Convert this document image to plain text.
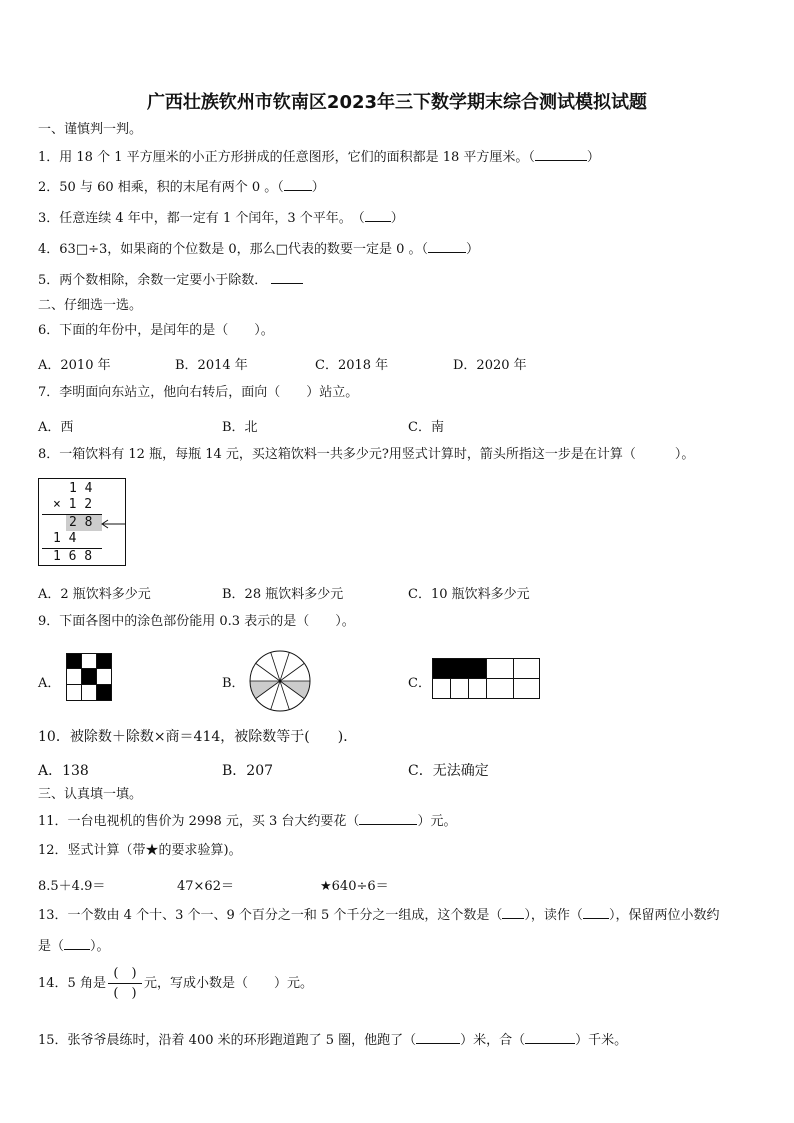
广西壮族钦州市钦南区2023年三下数学期末综合测试模拟试题
一、谨慎判一判。
1．用 18 个 1 平方厘米的小正方形拼成的任意图形，它们的面积都是 18 平方厘米。（	）
2．50 与 60 相乘，积的末尾有两个 0 。（ ）
3．任意连续 4 年中，都一定有 1 个闰年，3 个平年。　（ ）
4．63□÷3，如果商的个位数是 0，那么□代表的数要一定是 0 。（	）
5．两个数相除，余数一定要小于除数．
二、仔细选一选。
6．下面的年份中，是闰年的是（　　）。
A．2010 年	B．2014 年	C．2018 年	D．2020 年
7．李明面向东站立，他向右转后，面向（　　）站立。
A．西	B．北	C．南
8．一箱饮料有 12 瓶，每瓶 14 元，买这箱饮料一共多少元?用竖式计算时，箭头所指这一步是在计算（　　　）。
1 4
× 1 2
2 8
1 4
1 6 8
A．2 瓶饮料多少元	B．28 瓶饮料多少元	C．10 瓶饮料多少元
9．下面各图中的涂色部份能用 0.3 表示的是（　　）。
A．	B．	C．
10．被除数＋除数×商＝414，被除数等于(　　)．
A．138	B．207	C．无法确定
三、认真填一填。
11．一台电视机的售价为 2998 元，买 3 台大约要花（	）元。
12．竖式计算（带★的要求验算)。
8.5＋4.9＝	47×62＝	★640÷6＝
13．一个数由 4 个十、3 个一、9 个百分之一和 5 个千分之一组成，这个数是（ ），读作（ ），保留两位小数约
是（ ）。
14．5 角是 $\frac{( )}{( )}$ 元，写成小数是（　　）元。
15．张爷爷晨练时，沿着 400 米的环形跑道跑了 5 圈，他跑了（	）米，合（	）千米。
